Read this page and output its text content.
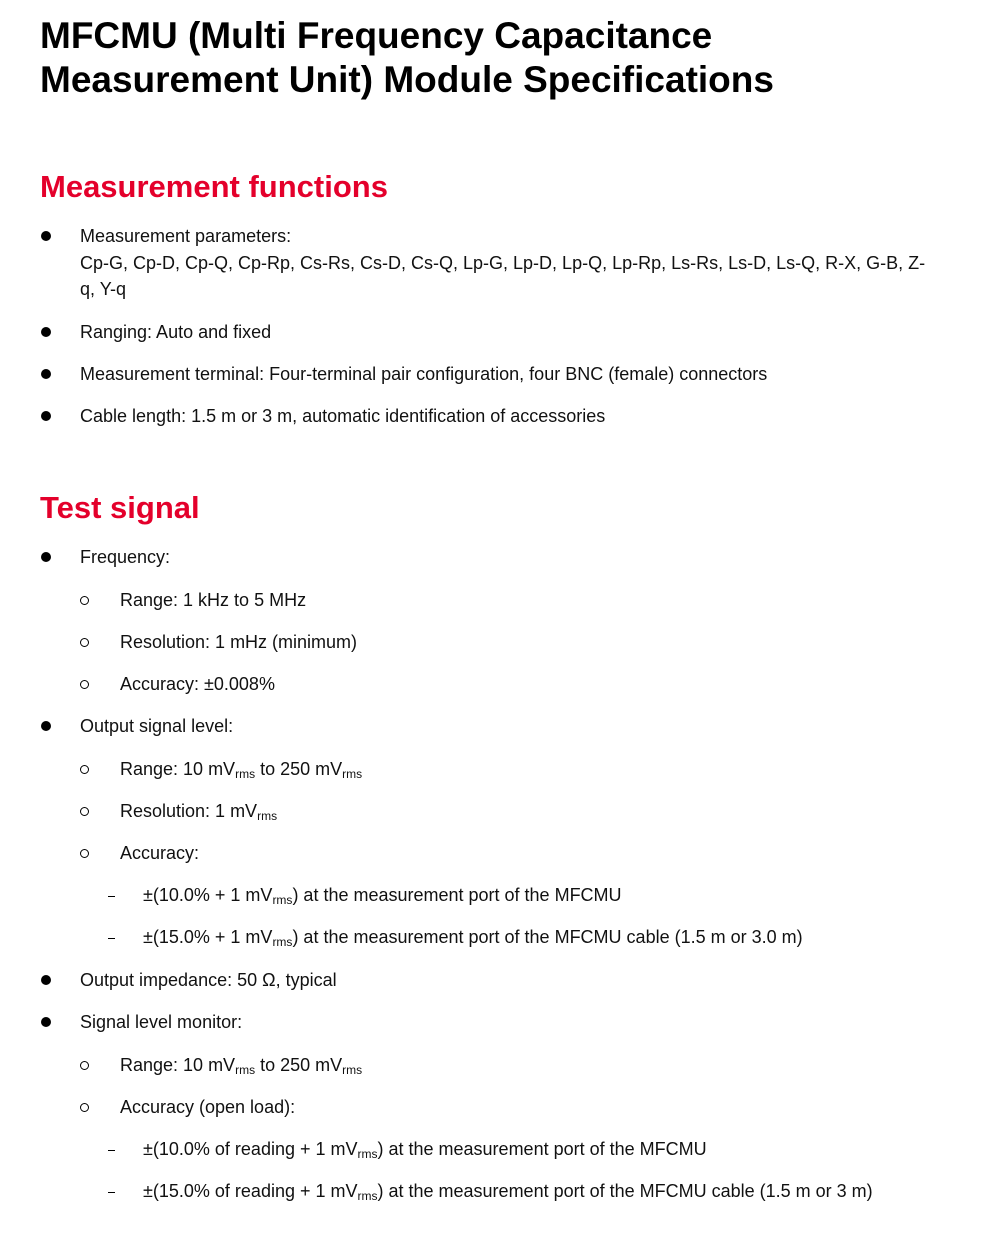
MFCMU (Multi Frequency Capacitance Measurement Unit) Module Specifications
Measurement functions
Measurement parameters:
Cp-G, Cp-D, Cp-Q, Cp-Rp, Cs-Rs, Cs-D, Cs-Q, Lp-G, Lp-D, Lp-Q, Lp-Rp, Ls-Rs, Ls-D, Ls-Q, R-X, G-B, Z-q, Y-q
Ranging: Auto and fixed
Measurement terminal: Four-terminal pair configuration, four BNC (female) connectors
Cable length: 1.5 m or 3 m, automatic identification of accessories
Test signal
Frequency:
Range: 1 kHz to 5 MHz
Resolution: 1 mHz (minimum)
Accuracy: ±0.008%
Output signal level:
Range: 10 $mV_{rms}$ to 250 $mV_{rms}$
Resolution: 1 $mV_{rms}$
Accuracy:
±(10.0% + 1 $mV_{rms}$) at the measurement port of the MFCMU
±(15.0% + 1 $mV_{rms}$) at the measurement port of the MFCMU cable (1.5 m or 3.0 m)
Output impedance: 50 Ω, typical
Signal level monitor:
Range: 10 $mV_{rms}$ to 250 $mV_{rms}$
Accuracy (open load):
±(10.0% of reading + 1 $mV_{rms}$) at the measurement port of the MFCMU
±(15.0% of reading + 1 $mV_{rms}$) at the measurement port of the MFCMU cable (1.5 m or 3 m)
